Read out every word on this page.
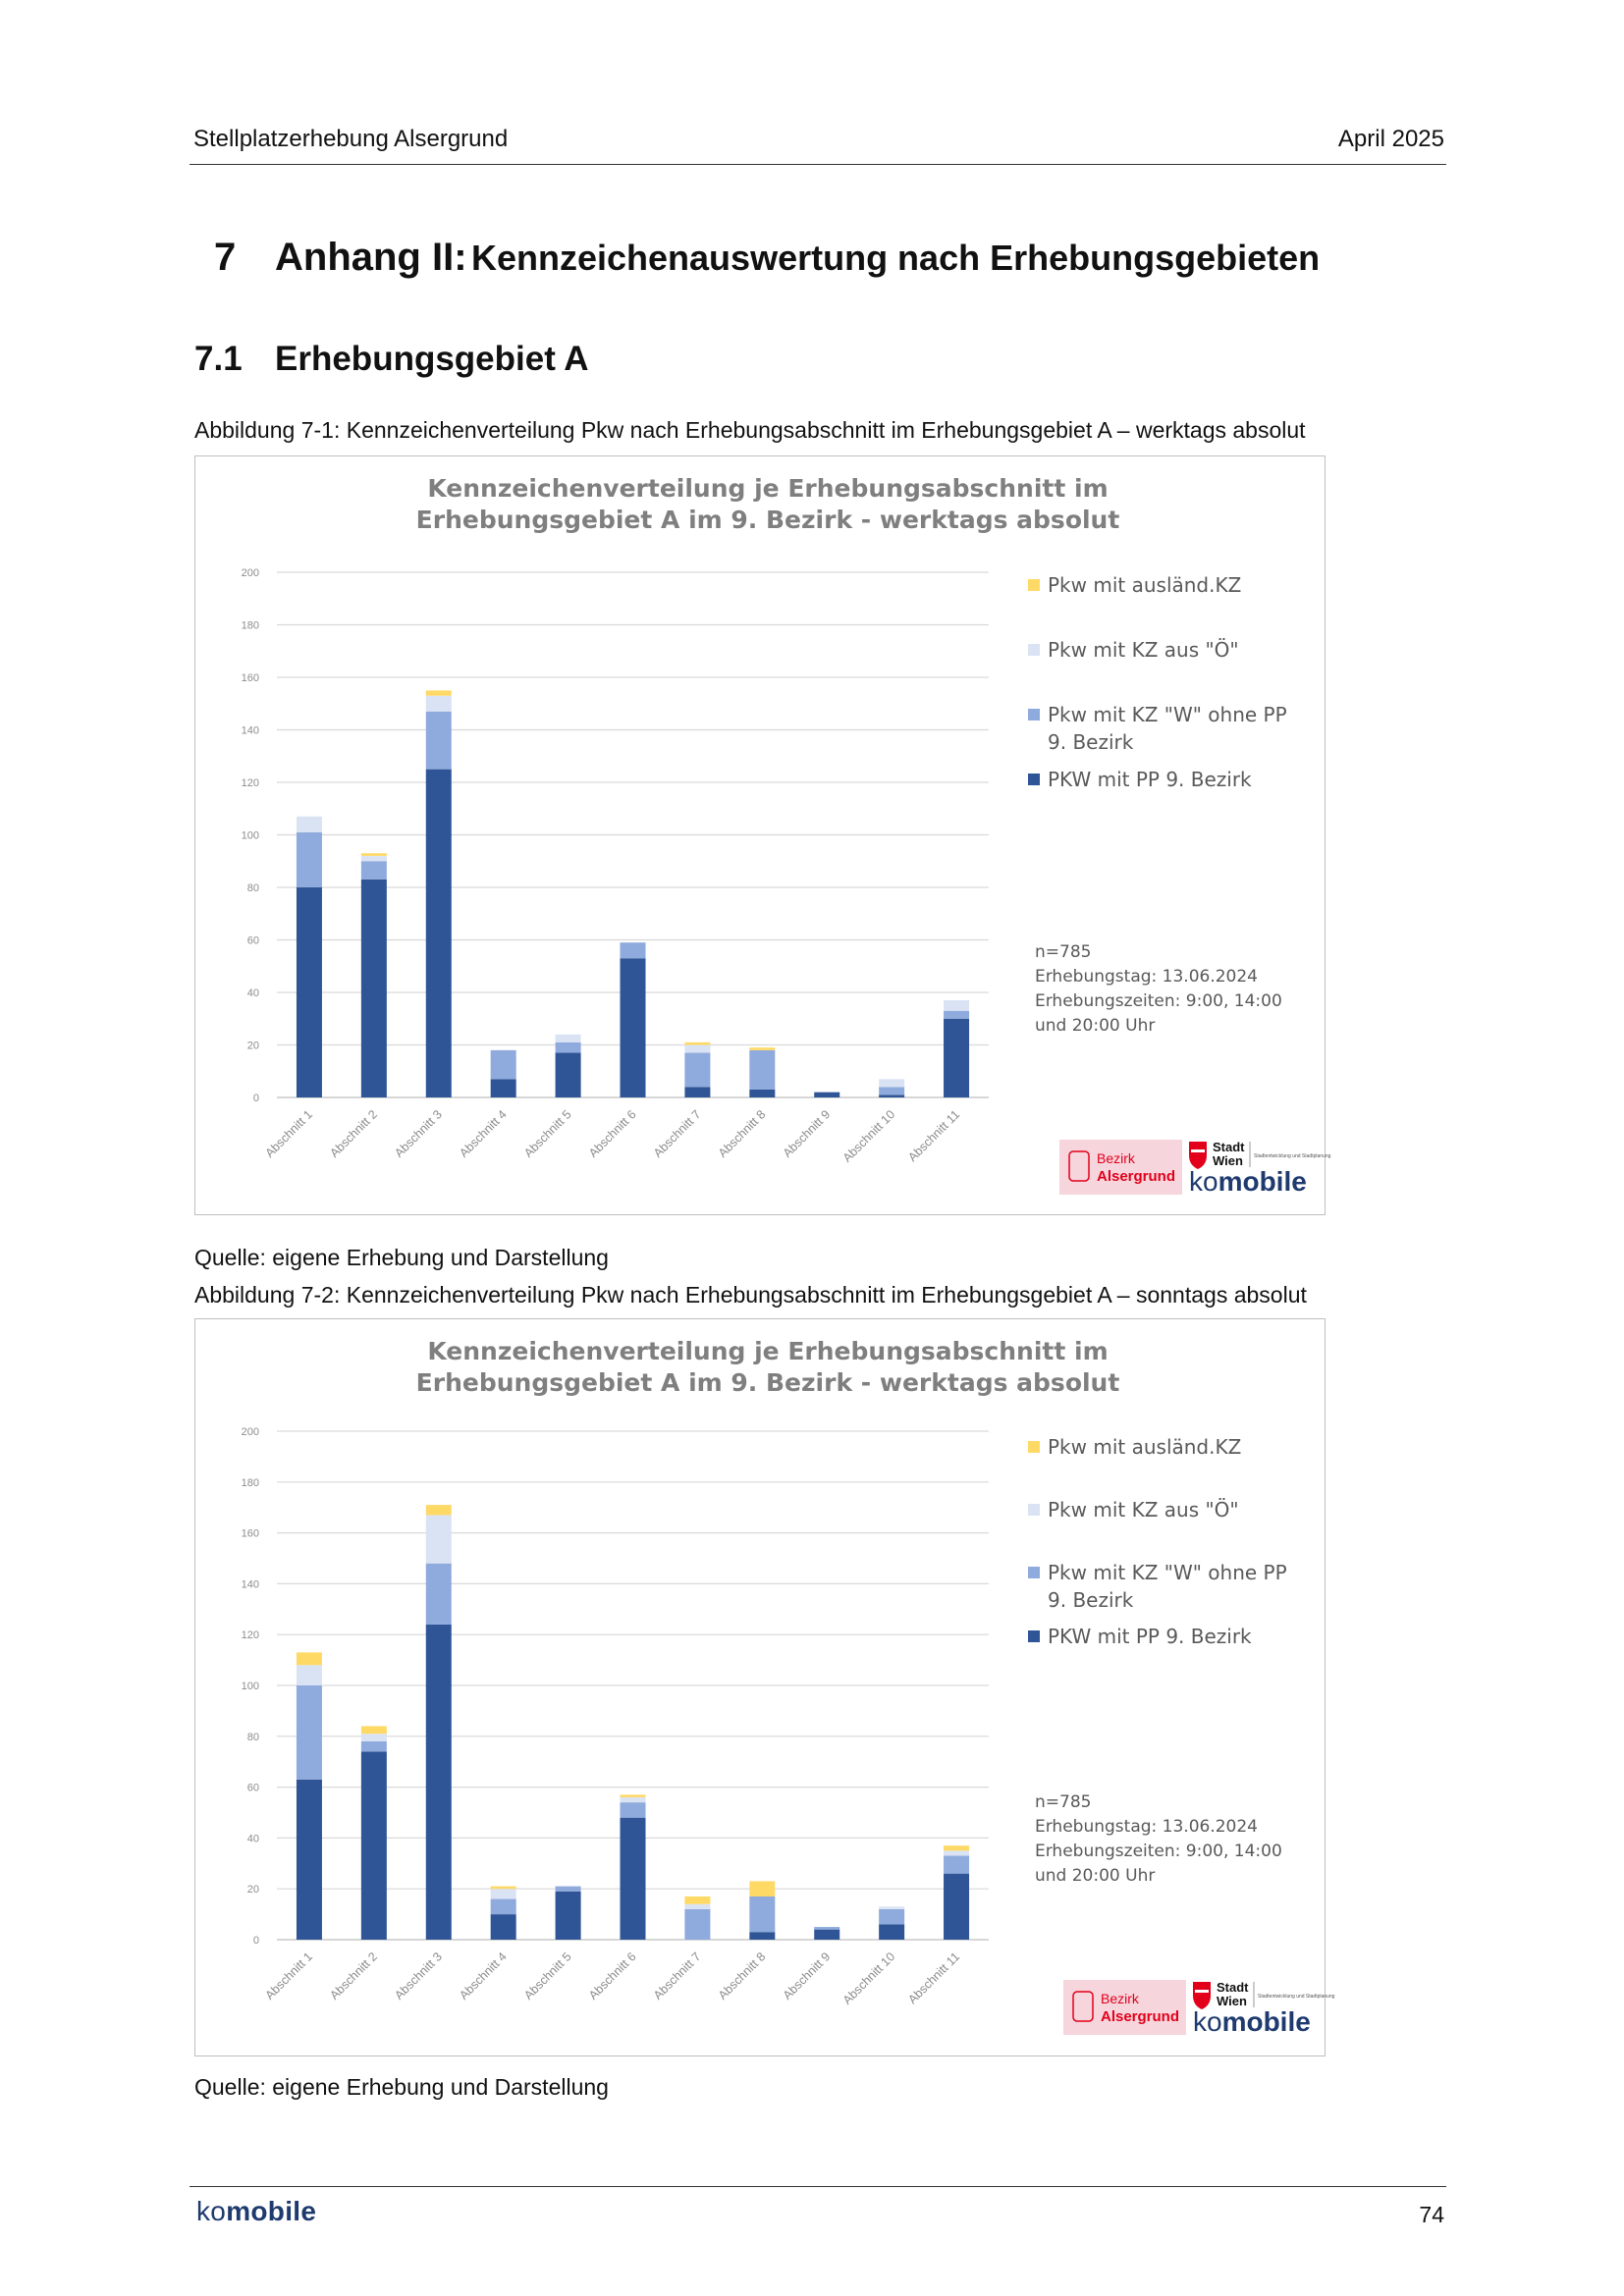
Stellplatzerhebung Alsergrund	April 2025
7 Anhang II: Kennzeichenauswertung nach Erhebungsgebieten
7.1 Erhebungsgebiet A
Abbildung 7-1: Kennzeichenverteilung Pkw nach Erhebungsabschnitt im Erhebungsgebiet A – werktags absolut
Kennzeichenverteilung je Erhebungsabschnitt im
Erhebungsgebiet A im 9. Bezirk - werktags absolut
0
20
40
60
80
100
120
140
160
180
200
Abschnitt 1 Abschnitt 2 Abschnitt 3 Abschnitt 4 Abschnitt 5 Abschnitt 6 Abschnitt 7 Abschnitt 8 Abschnitt 9 Abschnitt 10 Abschnitt 11
Pkw mit ausländ.KZ
Pkw mit KZ aus "Ö"
Pkw mit KZ "W" ohne PP
9. Bezirk
PKW mit PP 9. Bezirk
n=785
Erhebungstag: 13.06.2024
Erhebungszeiten: 9:00, 14:00
und 20:00 Uhr
Bezirk
Alsergrund
Stadt
Wien Stadtentwicklung und Stadtplanung
komobile
Quelle: eigene Erhebung und Darstellung
Abbildung 7-2: Kennzeichenverteilung Pkw nach Erhebungsabschnitt im Erhebungsgebiet A – sonntags absolut
Kennzeichenverteilung je Erhebungsabschnitt im
Erhebungsgebiet A im 9. Bezirk - werktags absolut
0
20
40
60
80
100
120
140
160
180
200
Abschnitt 1 Abschnitt 2 Abschnitt 3 Abschnitt 4 Abschnitt 5 Abschnitt 6 Abschnitt 7 Abschnitt 8 Abschnitt 9 Abschnitt 10 Abschnitt 11
Pkw mit ausländ.KZ
Pkw mit KZ aus "Ö"
Pkw mit KZ "W" ohne PP
9. Bezirk
PKW mit PP 9. Bezirk
n=785
Erhebungstag: 13.06.2024
Erhebungszeiten: 9:00, 14:00
und 20:00 Uhr
Bezirk
Alsergrund
Stadt
Wien Stadtentwicklung und Stadtplanung
komobile
Quelle: eigene Erhebung und Darstellung
komobile	74
